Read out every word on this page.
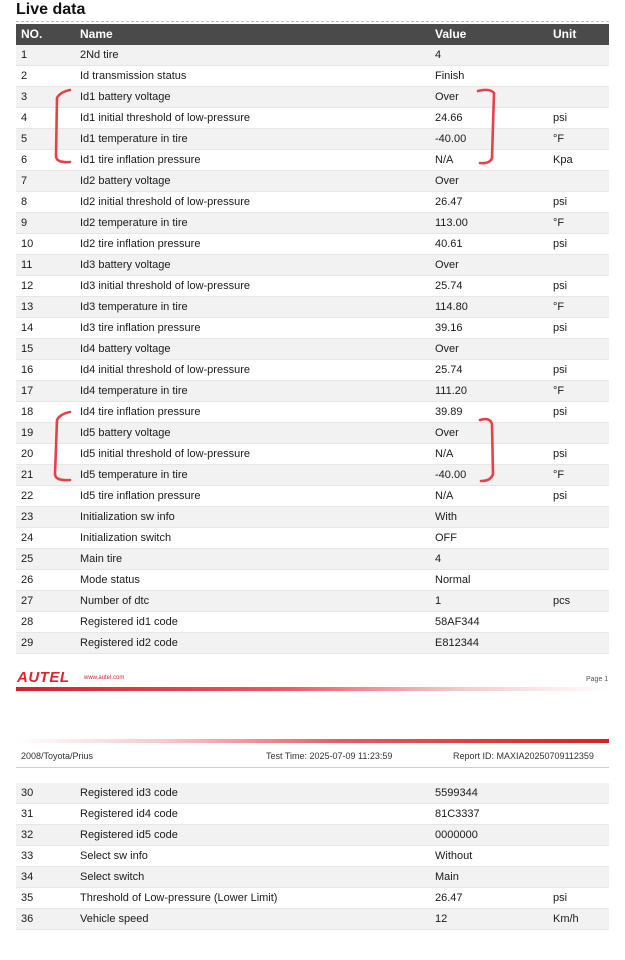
Live data
NO.	Name	Value	Unit
1	2Nd tire	4	
2	Id transmission status	Finish	
3	Id1 battery voltage	Over	
4	Id1 initial threshold of low-pressure	24.66	psi
5	Id1 temperature in tire	-40.00	°F
6	Id1 tire inflation pressure	N/A	Kpa
7	Id2 battery voltage	Over	
8	Id2 initial threshold of low-pressure	26.47	psi
9	Id2 temperature in tire	113.00	°F
10	Id2 tire inflation pressure	40.61	psi
11	Id3 battery voltage	Over	
12	Id3 initial threshold of low-pressure	25.74	psi
13	Id3 temperature in tire	114.80	°F
14	Id3 tire inflation pressure	39.16	psi
15	Id4 battery voltage	Over	
16	Id4 initial threshold of low-pressure	25.74	psi
17	Id4 temperature in tire	111.20	°F
18	Id4 tire inflation pressure	39.89	psi
19	Id5 battery voltage	Over	
20	Id5 initial threshold of low-pressure	N/A	psi
21	Id5 temperature in tire	-40.00	°F
22	Id5 tire inflation pressure	N/A	psi
23	Initialization sw info	With	
24	Initialization switch	OFF	
25	Main tire	4	
26	Mode status	Normal	
27	Number of dtc	1	pcs
28	Registered id1 code	58AF344	
29	Registered id2 code	E812344	
AUTEL www.autel.com	Page 1
2008/Toyota/Prius	Test Time: 2025-07-09 11:23:59	Report ID: MAXIA20250709112359
30	Registered id3 code	5599344	
31	Registered id4 code	81C3337	
32	Registered id5 code	0000000	
33	Select sw info	Without	
34	Select switch	Main	
35	Threshold of Low-pressure (Lower Limit)	26.47	psi
36	Vehicle speed	12	Km/h
